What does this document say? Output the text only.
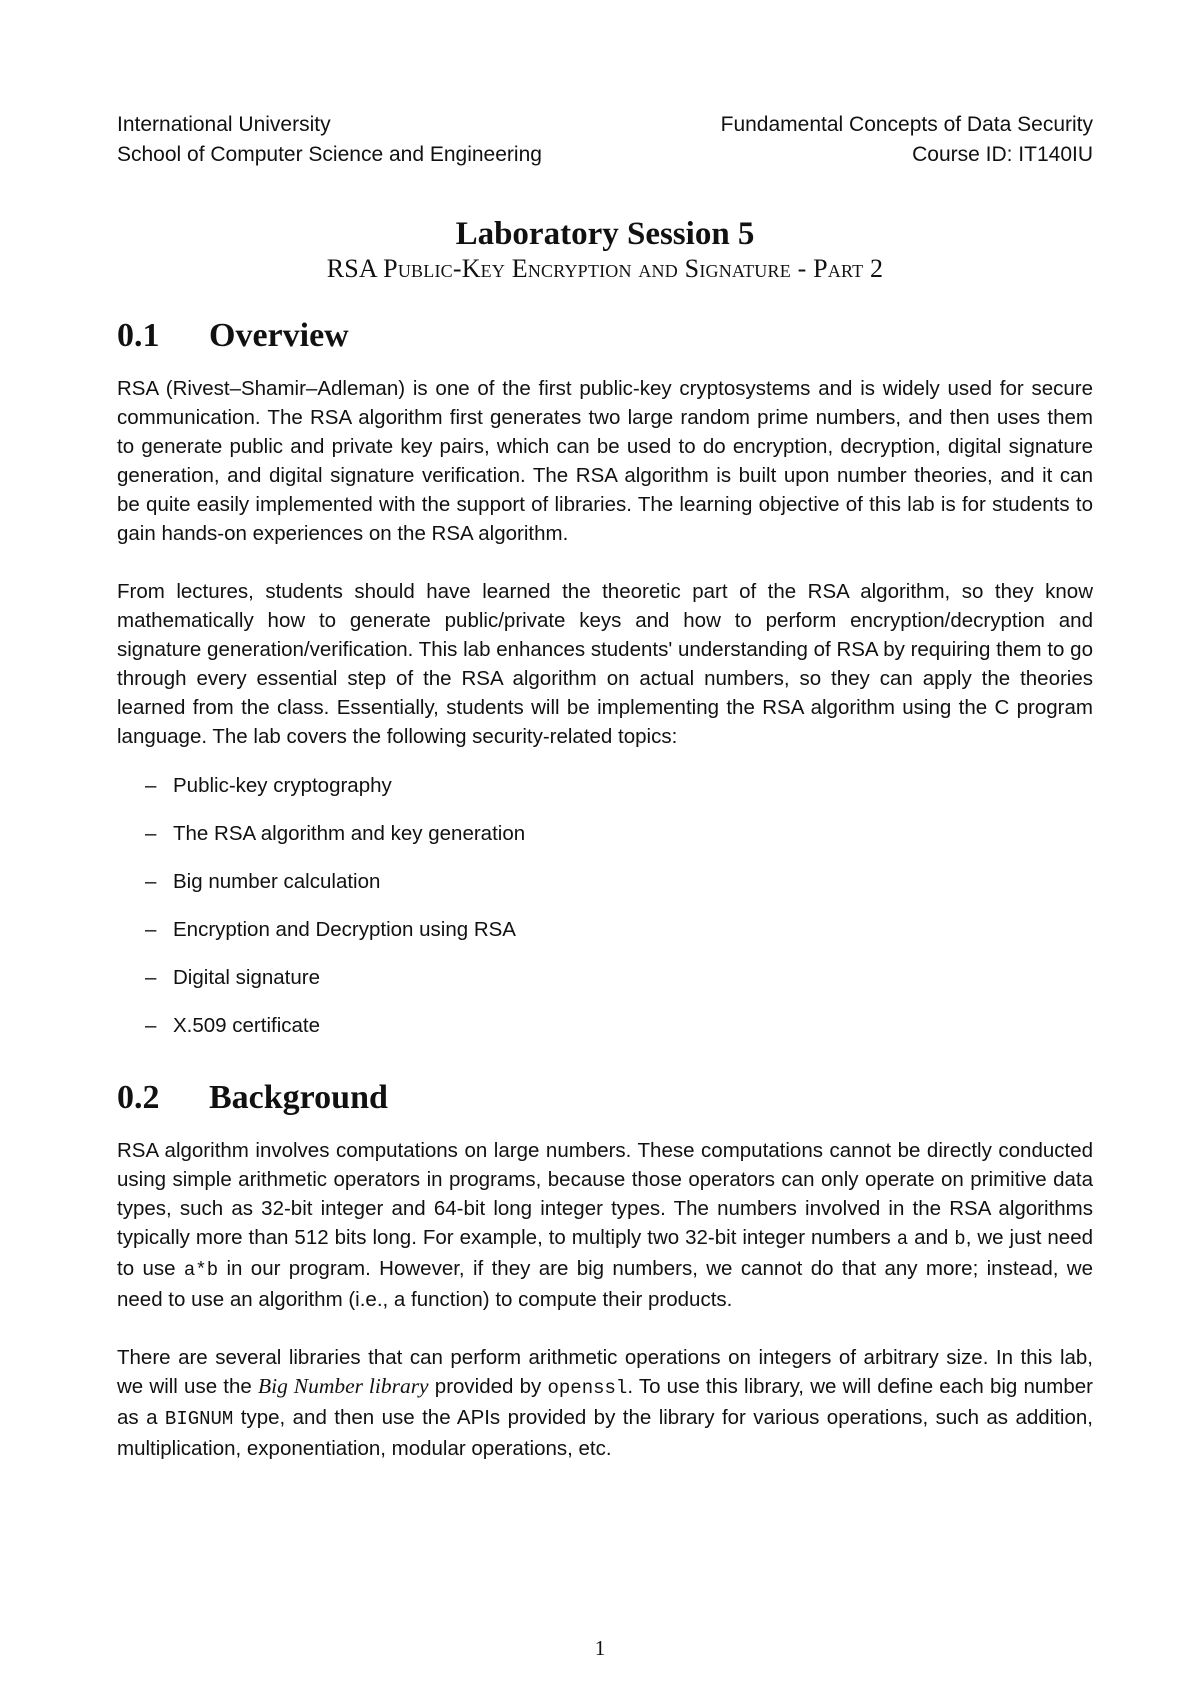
International University
School of Computer Science and Engineering
Fundamental Concepts of Data Security
Course ID: IT140IU
Laboratory Session 5
RSA Public-Key Encryption and Signature - Part 2
0.1 Overview

RSA (Rivest–Shamir–Adleman) is one of the first public-key cryptosystems and is widely used for secure communication. The RSA algorithm first generates two large random prime numbers, and then uses them to generate public and private key pairs, which can be used to do encryption, decryption, digital signature generation, and digital signature verification. The RSA algorithm is built upon number theories, and it can be quite easily implemented with the support of libraries. The learning objective of this lab is for students to gain hands-on experiences on the RSA algorithm.

From lectures, students should have learned the theoretic part of the RSA algorithm, so they know mathematically how to generate public/private keys and how to perform encryption/decryption and signature generation/verification. This lab enhances students' understanding of RSA by requiring them to go through every essential step of the RSA algorithm on actual numbers, so they can apply the theories learned from the class. Essentially, students will be implementing the RSA algorithm using the C program language. The lab covers the following security-related topics:

– Public-key cryptography
– The RSA algorithm and key generation
– Big number calculation
– Encryption and Decryption using RSA
– Digital signature
– X.509 certificate
0.2 Background

RSA algorithm involves computations on large numbers. These computations cannot be directly conducted using simple arithmetic operators in programs, because those operators can only operate on primitive data types, such as 32-bit integer and 64-bit long integer types. The numbers involved in the RSA algorithms typically more than 512 bits long. For example, to multiply two 32-bit integer numbers a and b, we just need to use a*b in our program. However, if they are big numbers, we cannot do that any more; instead, we need to use an algorithm (i.e., a function) to compute their products.

There are several libraries that can perform arithmetic operations on integers of arbitrary size. In this lab, we will use the Big Number library provided by openssl. To use this library, we will define each big number as a BIGNUM type, and then use the APIs provided by the library for various operations, such as addition, multiplication, exponentiation, modular operations, etc.

1
